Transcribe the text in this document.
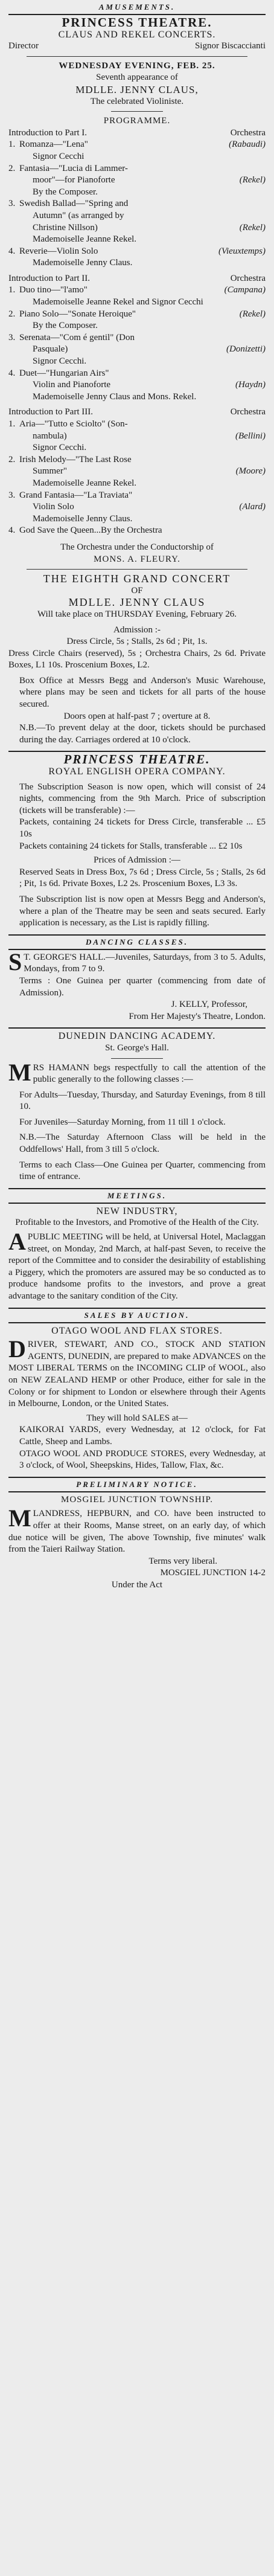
AMUSEMENTS.
PRINCESS THEATRE.
CLAUS AND REKEL CONCERTS.
Director	Signor Biscaccianti
WEDNESDAY EVENING, FEB. 25.
Seventh appearance of
MDLLE. JENNY CLAUS,
The celebrated Violiniste.
PROGRAMME.
Introduction to Part I.	Orchestra
1. Romanza—"Lena"	(Rabaudi)
Signor Cecchi
2. Fantasia—"Lucia di Lammer-
moor"—for Pianoforte	(Rekel)
By the Composer.
3. Swedish Ballad—"Spring and
Autumn" (as arranged by
Christine Nillson)	(Rekel)
Mademoiselle Jeanne Rekel.
4. Reverie—Violin Solo	(Vieuxtemps)
Mademoiselle Jenny Claus.
Introduction to Part II.	Orchestra
1. Duo tino—"l'amo"	(Campana)
Mademoiselle Jeanne Rekel and Signor Cecchi
2. Piano Solo—"Sonate Heroique"	(Rekel)
By the Composer.
3. Serenata—"Com é gentil" (Don
Pasquale)	(Donizetti)
Signor Cecchi.
4. Duet—"Hungarian Airs"
Violin and Pianoforte	(Haydn)
Mademoiselle Jenny Claus and Mons. Rekel.
Introduction to Part III.	Orchestra
1. Aria—"Tutto e Sciolto" (Son-
nambula)	(Bellini)
Signor Cecchi.
2. Irish Melody—"The Last Rose
Summer"	(Moore)
Mademoiselle Jeanne Rekel.
3. Grand Fantasia—"La Traviata"
Violin Solo	(Alard)
Mademoiselle Jenny Claus.
4. God Save the Queen...By the Orchestra
The Orchestra under the Conductorship of
MONS. A. FLEURY.
THE EIGHTH GRAND CONCERT
OF
MDLLE. JENNY CLAUS
Will take place on THURSDAY Evening, February 26.
Admission :-
Dress Circle, 5s ; Stalls, 2s 6d ; Pit, 1s.
Dress Circle Chairs (reserved), 5s ; Orchestra Chairs, 2s 6d. Private Boxes, L1 10s. Proscenium Boxes, L2.
Box Office at Messrs Begg and Anderson's Music Warehouse, where plans may be seen and tickets for all parts of the house secured.
Doors open at half-past 7 ; overture at 8.
N.B.—To prevent delay at the door, tickets should be purchased during the day. Carriages ordered at 10 o'clock.
PRINCESS THEATRE.
ROYAL ENGLISH OPERA COMPANY.
The Subscription Season is now open, which will consist of 24 nights, commencing from the 9th March. Price of subscription (tickets will be transferable) :—
Packets, containing 24 tickets for Dress Circle, transferable ... £5 10s
Packets containing 24 tickets for Stalls, transferable ... £2 10s
Prices of Admission :—
Reserved Seats in Dress Box, 7s 6d ; Dress Circle, 5s ; Stalls, 2s 6d ; Pit, 1s 6d. Private Boxes, L2 2s. Proscenium Boxes, L3 3s.
The Subscription list is now open at Messrs Begg and Anderson's, where a plan of the Theatre may be seen and seats secured. Early application is necessary, as the List is rapidly filling.
DANCING CLASSES.
S T. GEORGE'S HALL.—Juveniles, Saturdays, from 3 to 5. Adults, Mondays, from 7 to 9.
Terms : One Guinea per quarter (commencing from date of Admission).
J. KELLY, Professor,
From Her Majesty's Theatre, London.
DUNEDIN DANCING ACADEMY.
St. George's Hall.
MRS HAMANN begs respectfully to call the attention of the public generally to the following classes :—
For Adults—Tuesday, Thursday, and Saturday Evenings, from 8 till 10.
For Juveniles—Saturday Morning, from 11 till 1 o'clock.
N.B.—The Saturday Afternoon Class will be held in the Oddfellows' Hall, from 3 till 5 o'clock.
Terms to each Class—One Guinea per Quarter, commencing from time of entrance.
MEETINGS.
NEW INDUSTRY,
Profitable to the Investors, and Promotive of the Health of the City.
APUBLIC MEETING will be held, at Universal Hotel, Maclaggan street, on Monday, 2nd March, at half-past Seven, to receive the report of the Committee and to consider the desirability of establishing a Piggery, which the promoters are assured may be so conducted as to produce handsome profits to the investors, and prove a great advantage to the sanitary condition of the City.
SALES BY AUCTION.
OTAGO WOOL AND FLAX STORES.
DRIVER, STEWART, AND CO., STOCK AND STATION AGENTS, DUNEDIN, are prepared to make ADVANCES on the MOST LIBERAL TERMS on the INCOMING CLIP of WOOL, also on NEW ZEALAND HEMP or other Produce, either for sale in the Colony or for shipment to London or elsewhere through their Agents in Melbourne, London, or the United States.
They will hold SALES at—
KAIKORAI YARDS, every Wednesday, at 12 o'clock, for Fat Cattle, Sheep and Lambs.
OTAGO WOOL AND PRODUCE STORES, every Wednesday, at 3 o'clock, of Wool, Sheepskins, Hides, Tallow, Flax, &c.
PRELIMINARY NOTICE.
MOSGIEL JUNCTION TOWNSHIP.
MLANDRESS, HEPBURN, and CO. have been instructed to offer at their Rooms, Manse street, on an early day, of which due notice will be given, The above Township, five minutes' walk from the Taieri Railway Station.
Terms very liberal.
MOSGIEL JUNCTION 14-2
Under the Act
